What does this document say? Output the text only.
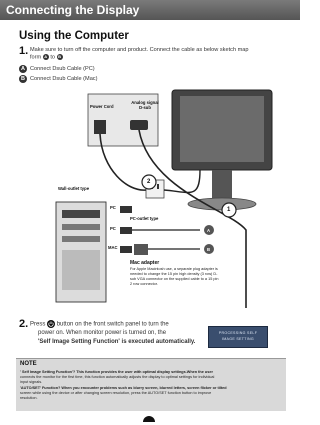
Connecting the Display
Using the Computer
1. Make sure to turn off the computer and product. Connect the cable as below sketch map
form A to B
A Connect Dsub Cable (PC)
B Connect Dsub Cable (Mac)
Power Cord
Analog signal D-sub
Wall-outlet type
PC-outlet type
PC
PC
MAC
2
1
A
B
Mac adapter
For Apple Macintosh use, a separate plug adapter is
needed to change the 15 pin high density (3 row) D-
sub VGA connector on the supplied cable to a 15 pin
2 row connector.
2. Press button on the front switch panel to turn the
power on. When monitor power is turned on, the
'Self Image Setting Function' is executed automatically.
PROCESSING SELF
IMAGE SETTING
NOTE
' Self Image Setting Function'? This function provides the user with optimal display settings.When the user
connects the monitor for the first time, this function automatically adjusts the display to optimal settings for individual
input signals.
'AUTO/SET' Function? When you encounter problems such as blurry screen, blurred letters, screen flicker or tilted
screen while using the device or after changing screen resolution, press the AUTO/SET function button to improve
resolution.
